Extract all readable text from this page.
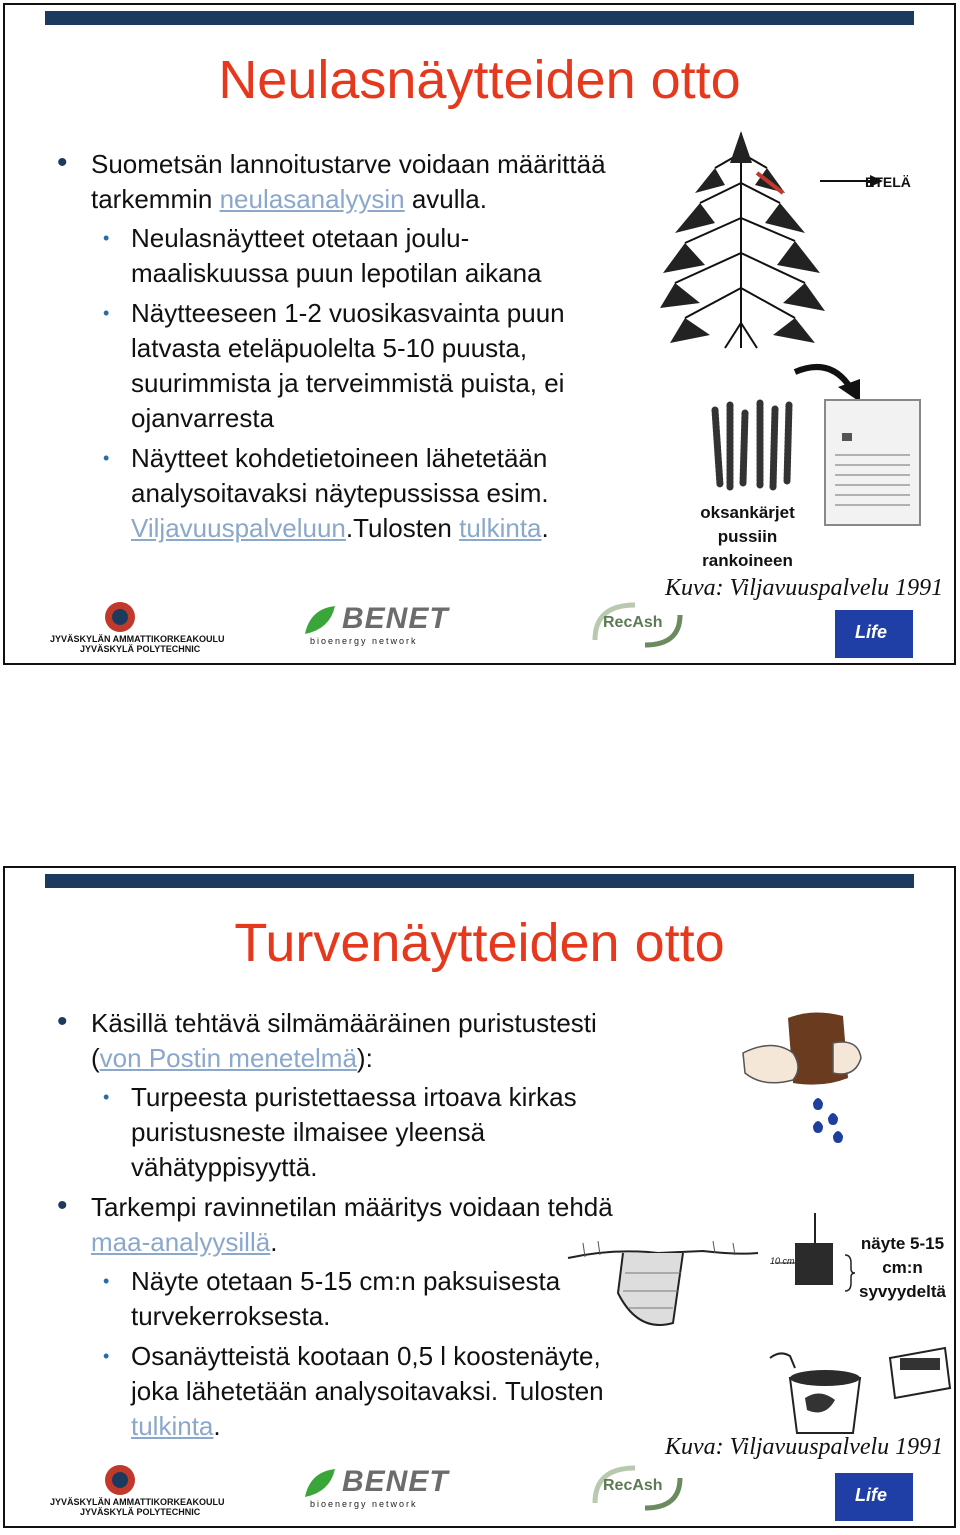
Neulasnäytteiden otto
• Suometsän lannoitustarve voidaan määrittää tarkemmin neulasanalyysin avulla.
• Neulasnäytteet otetaan joulu-maaliskuussa puun lepotilan aikana
• Näytteeseen 1-2 vuosikasvainta puun latvasta eteläpuolelta 5-10 puusta, suurimmista ja terveimmistä puista, ei ojanvarresta
• Näytteet kohdetietoineen lähetetään analysoitavaksi näytepussissa esim. Viljavuuspalveluun.Tulosten tulkinta.
ETELÄ
oksankärjet pussiin rankoineen
Kuva: Viljavuuspalvelu 1991
JYVÄSKYLÄN AMMATTIKORKEAKOULU
JYVÄSKYLÄ POLYTECHNIC
BENET
bioenergy network
RecAsh	Life
Turvenäytteiden otto
• Käsillä tehtävä silmämääräinen puristustesti (von Postin menetelmä):
• Turpeesta puristettaessa irtoava kirkas puristusneste ilmaisee yleensä vähätyppisyyttä.
• Tarkempi ravinnetilan määritys voidaan tehdä maa-analyysillä.
• Näyte otetaan 5-15 cm:n paksuisesta turvekerroksesta.
• Osanäytteistä kootaan 0,5 l koostenäyte, joka lähetetään analysoitavaksi. Tulosten tulkinta.
10 cm
näyte 5-15 cm:n syvyydeltä
Kuva: Viljavuuspalvelu 1991
JYVÄSKYLÄN AMMATTIKORKEAKOULU
JYVÄSKYLÄ POLYTECHNIC
BENET
bioenergy network
RecAsh	Life
